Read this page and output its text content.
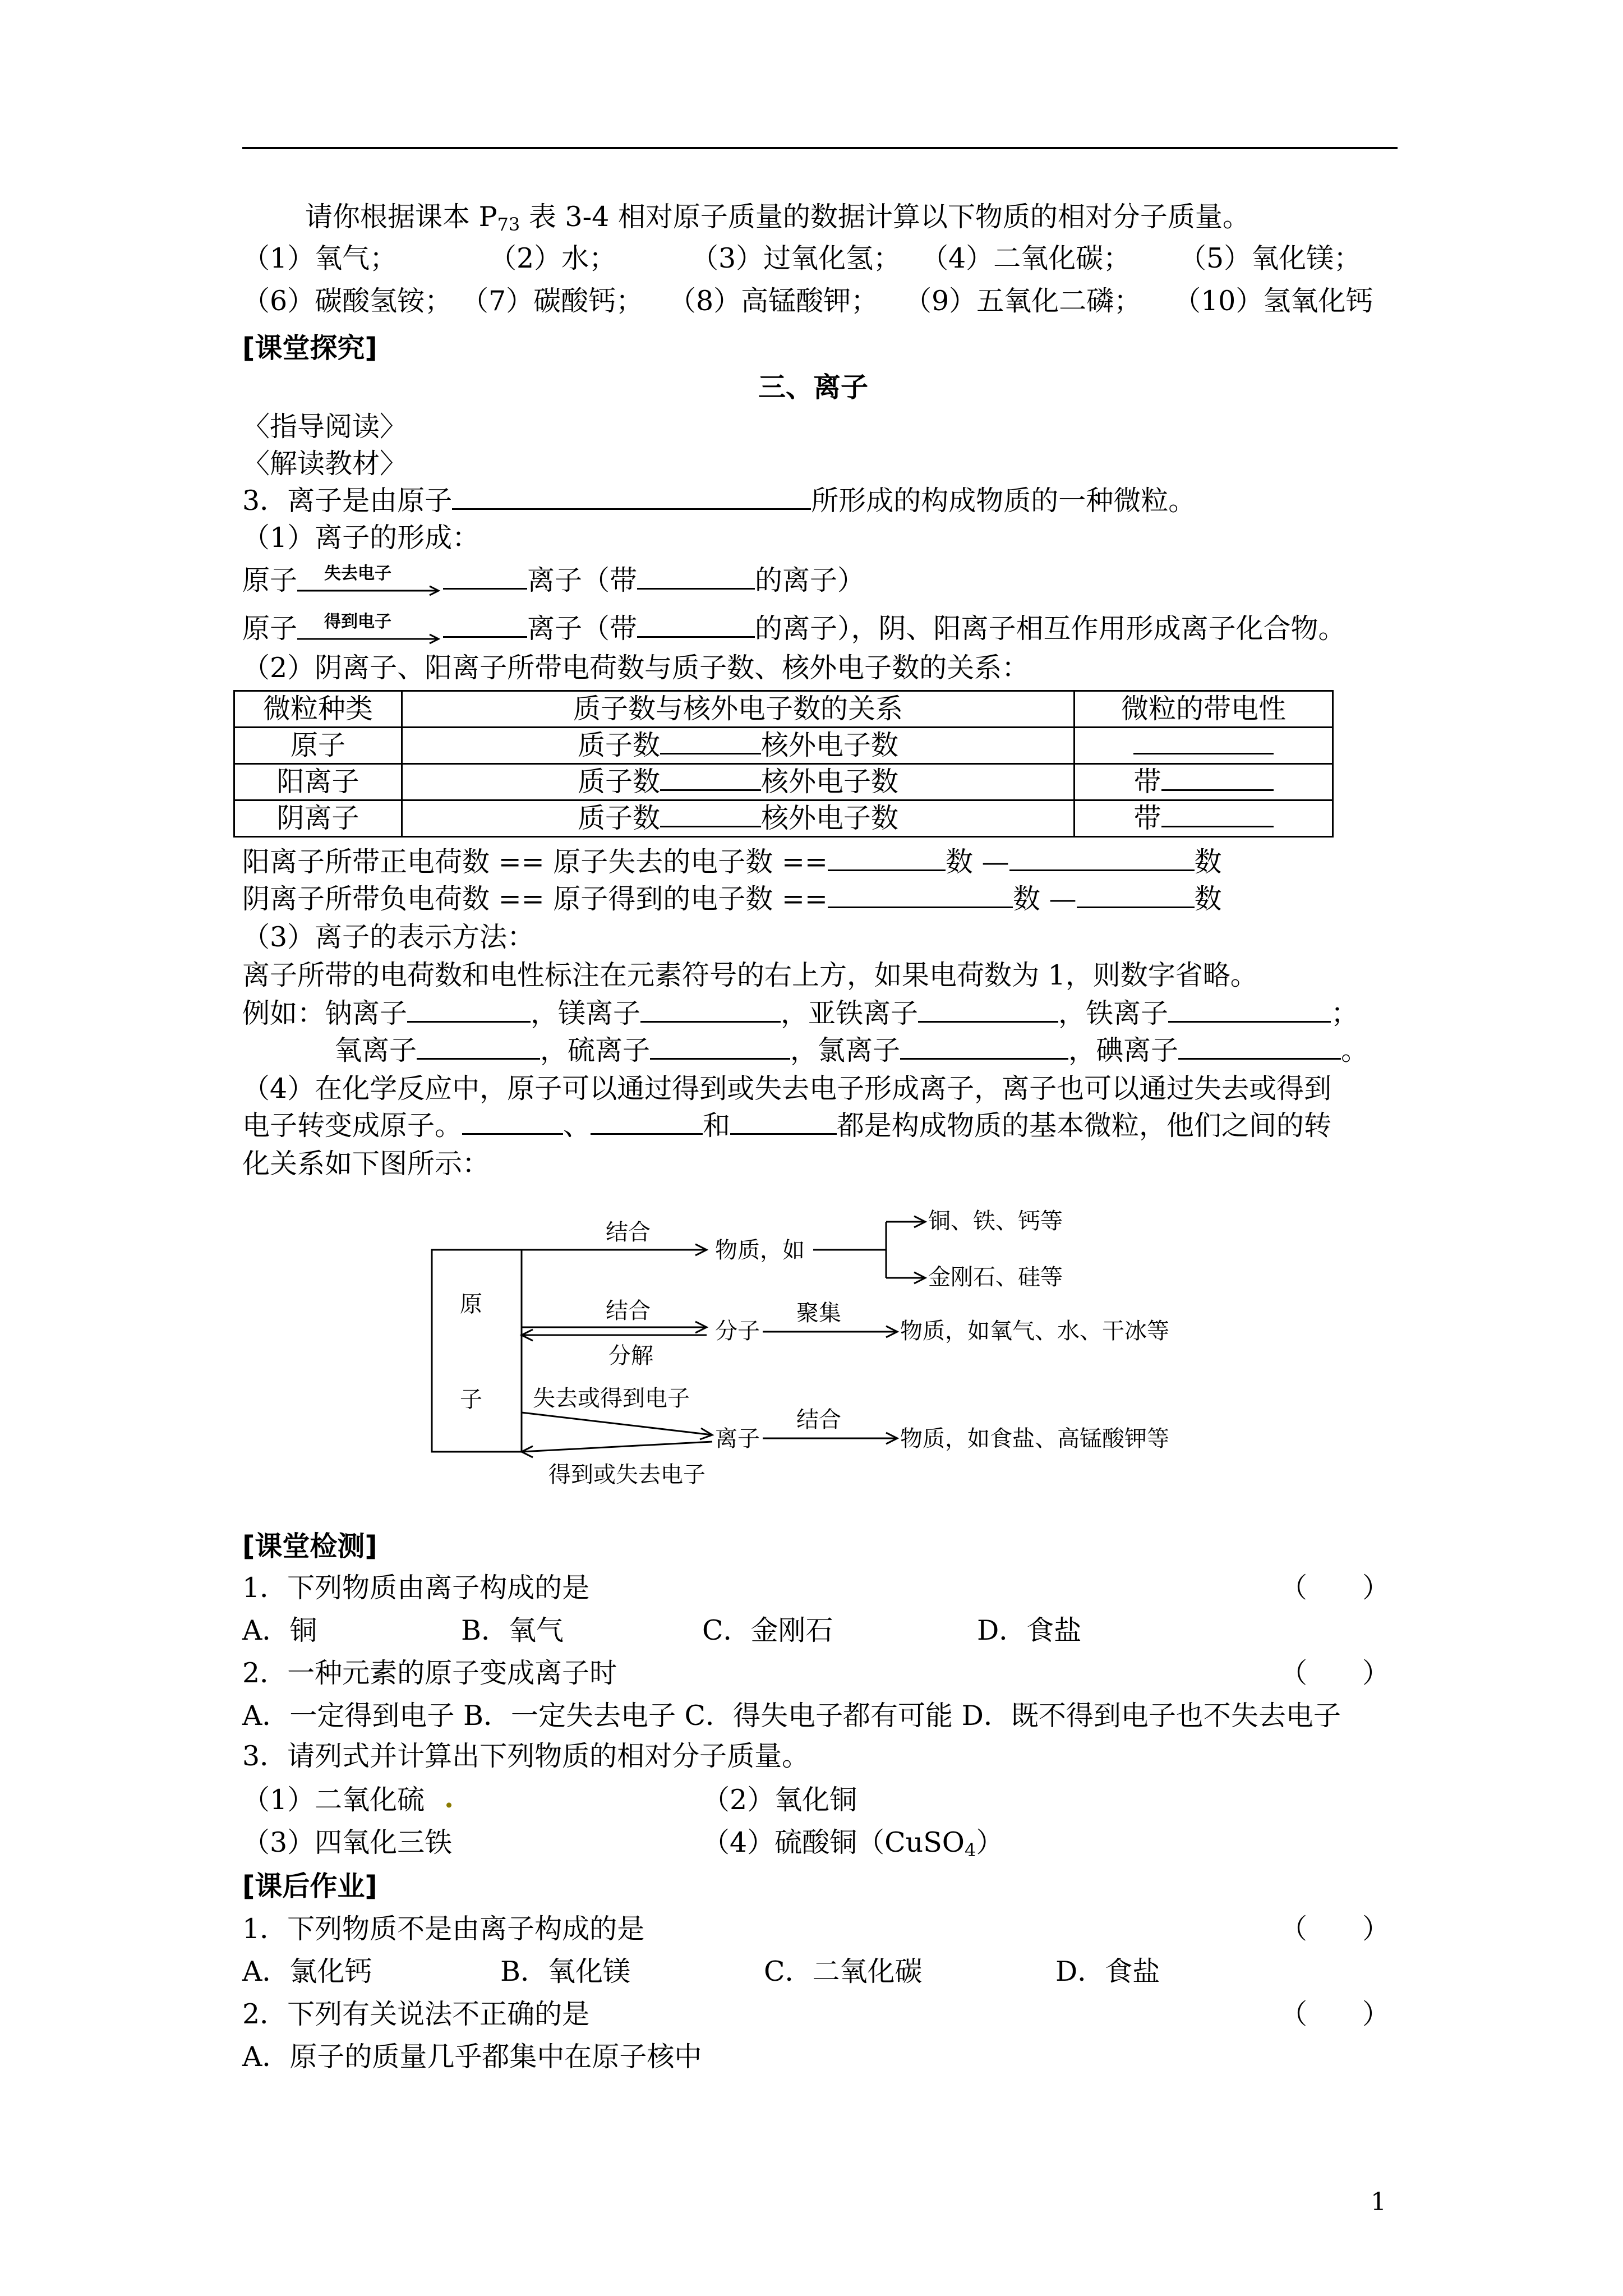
请你根据课本 $P_{73}$ 表 3-4 相对原子质量的数据计算以下物质的相对分子质量。
（1）氧气；	（2）水；	（3）过氧化氢； （4）二氧化碳； （5）氧化镁；
（6）碳酸氢铵； （7）碳酸钙； （8）高锰酸钾； （9）五氧化二磷； （10）氢氧化钙
[课堂探究]
三、离子
〈指导阅读〉
〈解读教材〉
3．离子是由原子	所形成的构成物质的一种微粒。
（1）离子的形成：
原子 失去电子	离子（带	的离子）
原子 得到电子	离子（带	的离子），阴、阳离子相互作用形成离子化合物。
（2）阴离子、阳离子所带电荷数与质子数、核外电子数的关系：
微粒种类	质子数与核外电子数的关系	微粒的带电性
原子	质子数 核外电子数	
阳离子	质子数 核外电子数	带
阴离子	质子数 核外电子数	带
阳离子所带正电荷数 == 原子失去的电子数 ==	数 —	数
阴离子所带负电荷数 == 原子得到的电子数 ==	数 —	数
（3）离子的表示方法：
离子所带的电荷数和电性标注在元素符号的右上方，如果电荷数为 1，则数字省略。
例如：钠离子	，镁离子	，亚铁离子	，铁离子	；
氧离子	，硫离子	，氯离子	，碘离子	。
（4）在化学反应中，原子可以通过得到或失去电子形成离子，离子也可以通过失去或得到
电子转变成原子。	、	和	都是构成物质的基本微粒，他们之间的转
化关系如下图所示：
原
子
结合
物质，如
铜、铁、钙等
金刚石、硅等
结合
分解
分子
聚集
物质，如氧气、水、干冰等
失去或得到电子
得到或失去电子
离子
结合
物质，如食盐、高锰酸钾等
[课堂检测]
1．下列物质由离子构成的是	（　　）
A．铜	B．氧气	C．金刚石	D．食盐
2．一种元素的原子变成离子时	（　　）
A．一定得到电子 B．一定失去电子 C．得失电子都有可能 D．既不得到电子也不失去电子
3．请列式并计算出下列物质的相对分子质量。
（1）二氧化硫 .	（2）氧化铜
（3）四氧化三铁	（4）硫酸铜（CuSO$_4$）
[课后作业]
1．下列物质不是由离子构成的是	（　　）
A．氯化钙	B．氧化镁	C．二氧化碳	D．食盐
2．下列有关说法不正确的是	（　　）
A．原子的质量几乎都集中在原子核中
1
